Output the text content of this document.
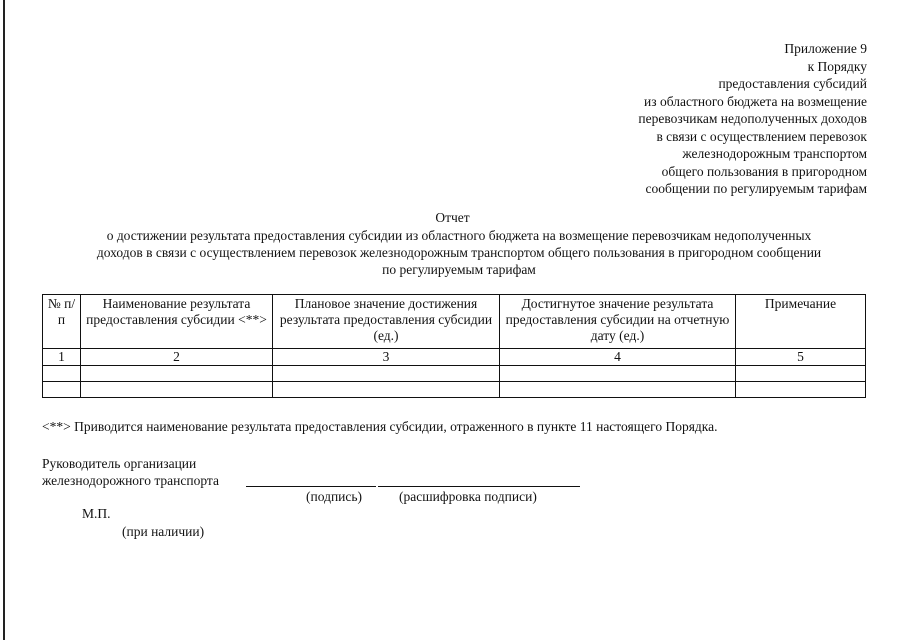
Приложение 9
к Порядку
предоставления субсидий
из областного бюджета на возмещение
перевозчикам недополученных доходов
в связи с осуществлением перевозок
железнодорожным транспортом
общего пользования в пригородном
сообщении по регулируемым тарифам
Отчет
о достижении результата предоставления субсидии из областного бюджета на возмещение перевозчикам недополученных
доходов в связи с осуществлением перевозок железнодорожным транспортом общего пользования в пригородном сообщении
по регулируемым тарифам
№ п/п	Наименование результата предоставления субсидии <**>	Плановое значение достижения результата предоставления субсидии (ед.)	Достигнутое значение результата предоставления субсидии на отчетную дату (ед.)	Примечание
1	2	3	4	5

<**> Приводится наименование результата предоставления субсидии, отраженного в пункте 11 настоящего Порядка.
Руководитель организации
железнодорожного транспорта
(подпись)	(расшифровка подписи)
М.П.
(при наличии)
